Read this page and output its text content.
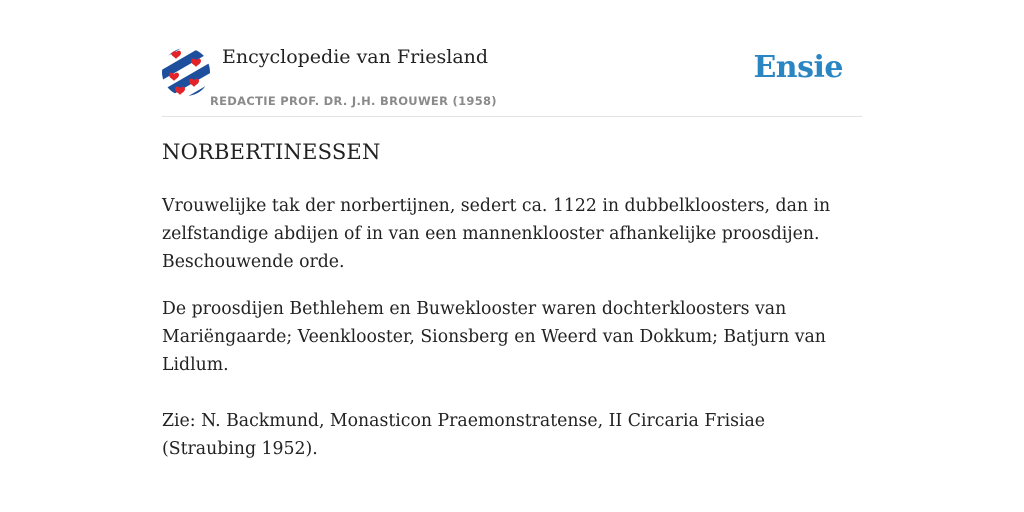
Encyclopedie van Friesland
REDACTIE PROF. DR. J.H. BROUWER (1958)
Ensie
NORBERTINESSEN

Vrouwelijke tak der norbertijnen, sedert ca. 1122 in dubbelkloosters, dan in zelfstandige abdijen of in van een mannenklooster afhankelijke proosdijen. Beschouwende orde.

De proosdijen Bethlehem en Buweklooster waren dochterkloosters van Mariëngaarde; Veenklooster, Sionsberg en Weerd van Dokkum; Batjurn van Lidlum.

Zie: N. Backmund, Monasticon Praemonstratense, II Circaria Frisiae (Straubing 1952).
